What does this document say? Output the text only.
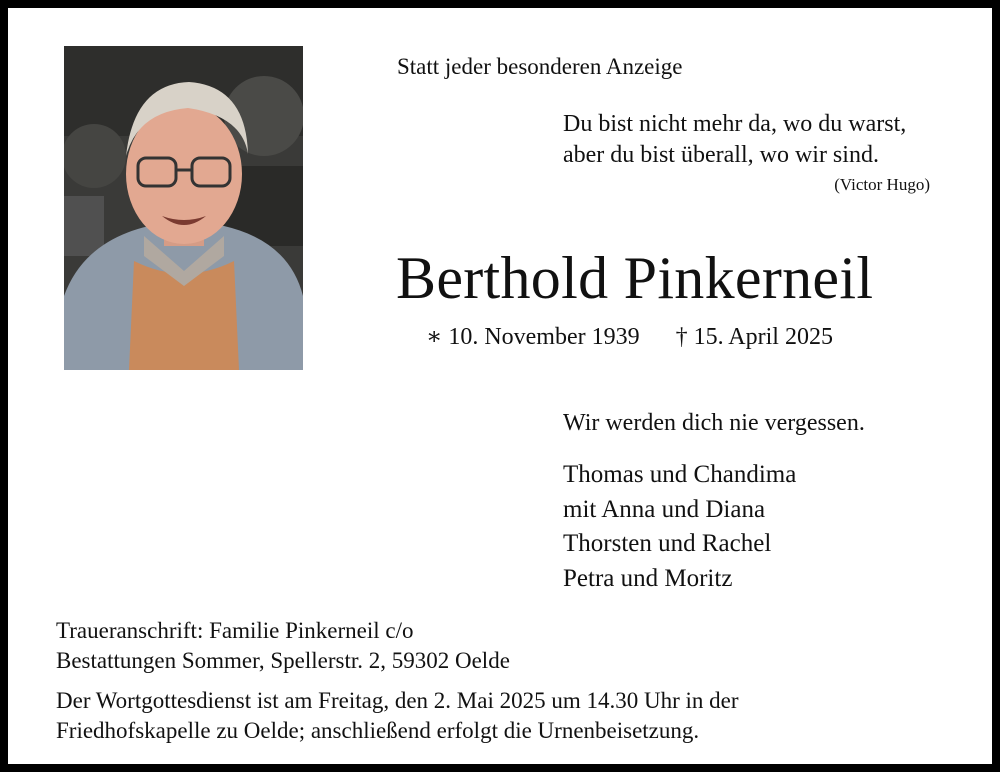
Statt jeder besonderen Anzeige
Du bist nicht mehr da, wo du warst,
aber du bist überall, wo wir sind.
(Victor Hugo)
Berthold Pinkerneil
∗ 10. November 1939 † 15. April 2025
Wir werden dich nie vergessen.
Thomas und Chandima
mit Anna und Diana
Thorsten und Rachel
Petra und Moritz
Traueranschrift: Familie Pinkerneil c/o
Bestattungen Sommer, Spellerstr. 2, 59302 Oelde
Der Wortgottesdienst ist am Freitag, den 2. Mai 2025 um 14.30 Uhr in der
Friedhofskapelle zu Oelde; anschließend erfolgt die Urnenbeisetzung.
